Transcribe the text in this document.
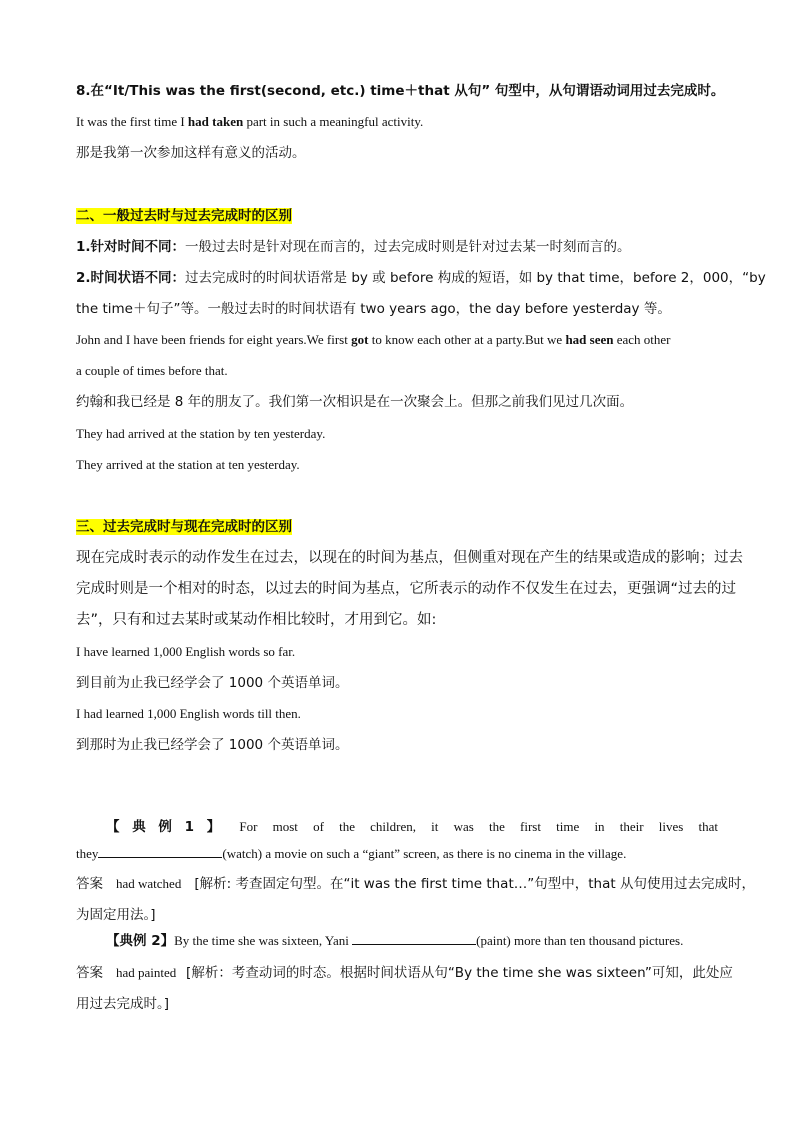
8.在“It/This was the first(second, etc.) time＋that 从句” 句型中，从句谓语动词用过去完成时。
It was the first time I had taken part in such a meaningful activity.
那是我第一次参加这样有意义的活动。
二、一般过去时与过去完成时的区别
1.针对时间不同：一般过去时是针对现在而言的，过去完成时则是针对过去某一时刻而言的。
2.时间状语不同：过去完成时的时间状语常是 by 或 before 构成的短语，如 by that time，before 2，000，“by
the time＋句子”等。一般过去时的时间状语有 two years ago，the day before yesterday 等。
John and I have been friends for eight years.We first got to know each other at a party.But we had seen each other
a couple of times before that.
约翰和我已经是 8 年的朋友了。我们第一次相识是在一次聚会上。但那之前我们见过几次面。
They had arrived at the station by ten yesterday.
They arrived at the station at ten yesterday.
三、过去完成时与现在完成时的区别
现在完成时表示的动作发生在过去，以现在的时间为基点，但侧重对现在产生的结果或造成的影响；过去
完成时则是一个相对的时态，以过去的时间为基点，它所表示的动作不仅发生在过去，更强调“过去的过
去”，只有和过去某时或某动作相比较时，才用到它。如:
I have learned 1,000 English words so far.
到目前为止我已经学会了 1000 个英语单词。
I had learned 1,000 English words till then.
到那时为止我已经学会了 1000 个英语单词。
【 典 例 1 】 For most of the children, it was the first time in their lives that
they	(watch) a movie on such a “giant” screen, as there is no cinema in the village.
答案 had watched [解析: 考查固定句型。在“it was the first time that…”句型中，that 从句使用过去完成时，
为固定用法。]
【典例 2】By the time she was sixteen, Yani	(paint) more than ten thousand pictures.
答案 had painted [解析：考查动词的时态。根据时间状语从句“By the time she was sixteen”可知，此处应
用过去完成时。]
